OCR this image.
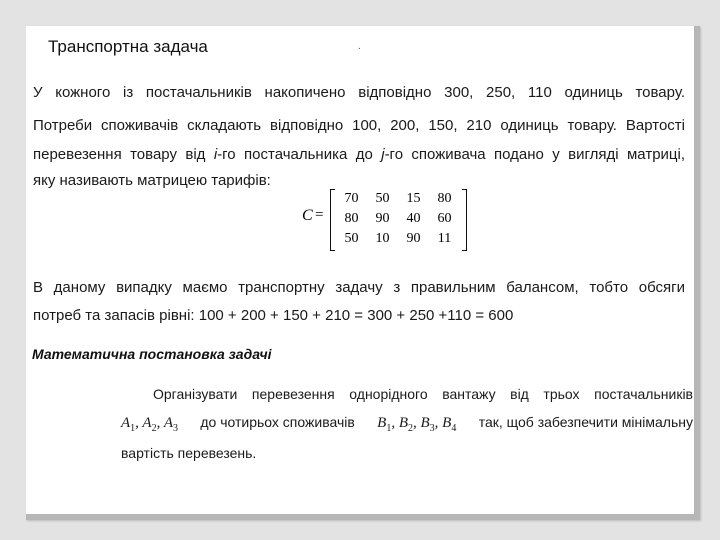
Транспортна задача	.
У кожного із постачальників накопичено відповідно 300, 250, 110 одиниць товару.
Потреби споживачів складають відповідно 100, 200, 150, 210 одиниць товару. Вартості
перевезення товару від i-го постачальника до j-го споживача подано у вигляді матриці,
яку називають матрицею тарифів:
C =
70	50	15	80
80	90	40	60
50	10	90	11
В даному випадку маємо транспортну задачу з правильним балансом, тобто обсяги
потреб та запасів рівні: 100 + 200 + 150 + 210 = 300 + 250 +110 = 600
Математична постановка задачі
Організувати перевезення однорідного вантажу від трьох постачальників
$A_1$, $A_2$, $A_3$ до чотирьох споживачів $B_1$, $B_2$, $B_3$, $B_4$ так, щоб забезпечити мінімальну
вартість перевезень.
